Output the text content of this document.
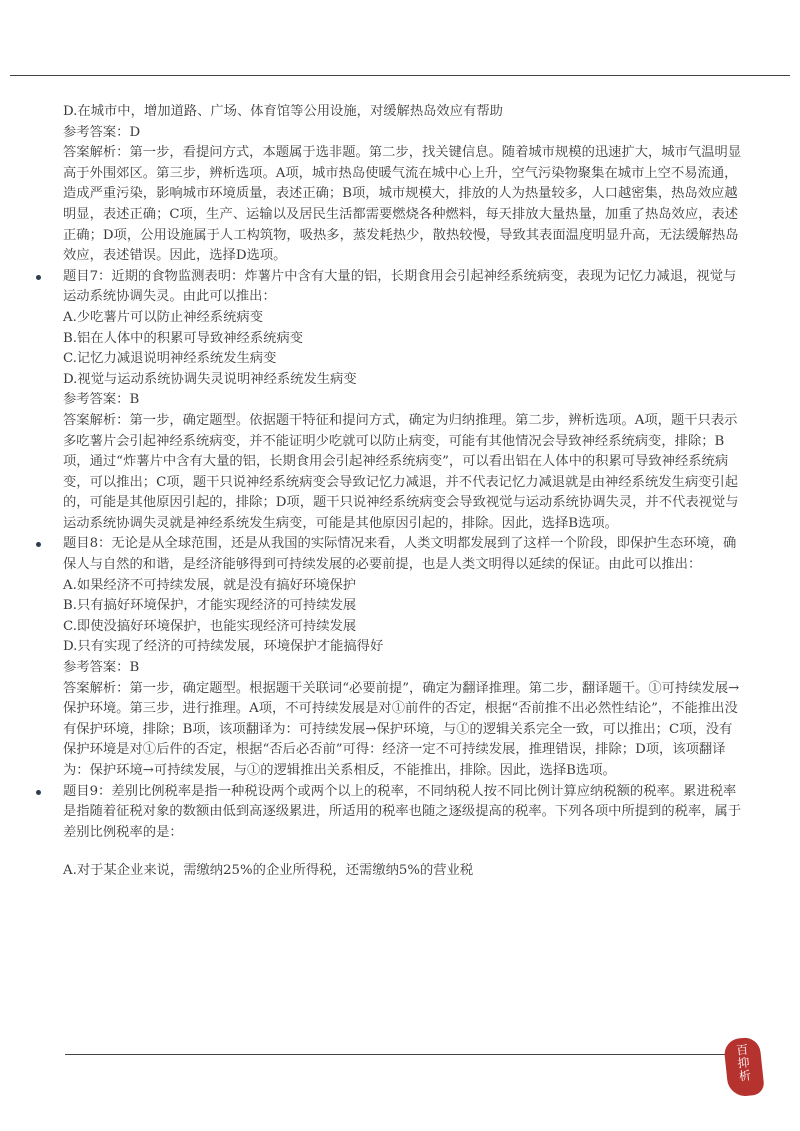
D.在城市中，增加道路、广场、体育馆等公用设施，对缓解热岛效应有帮助
参考答案：D
答案解析：第一步，看提问方式，本题属于选非题。第二步，找关键信息。随着城市规模的迅速扩大，城市气温明显高于外围郊区。第三步，辨析选项。A项，城市热岛使暖气流在城中心上升，空气污染物聚集在城市上空不易流通，造成严重污染，影响城市环境质量，表述正确；B项，城市规模大，排放的人为热量较多，人口越密集，热岛效应越明显，表述正确；C项，生产、运输以及居民生活都需要燃烧各种燃料，每天排放大量热量，加重了热岛效应，表述正确；D项，公用设施属于人工构筑物，吸热多，蒸发耗热少，散热较慢，导致其表面温度明显升高，无法缓解热岛效应，表述错误。因此，选择D选项。
题目7：近期的食物监测表明：炸薯片中含有大量的铝，长期食用会引起神经系统病变，表现为记忆力减退，视觉与运动系统协调失灵。由此可以推出：
A.少吃薯片可以防止神经系统病变
B.铝在人体中的积累可导致神经系统病变
C.记忆力减退说明神经系统发生病变
D.视觉与运动系统协调失灵说明神经系统发生病变
参考答案：B
答案解析：第一步，确定题型。依据题干特征和提问方式，确定为归纳推理。第二步，辨析选项。A项，题干只表示多吃薯片会引起神经系统病变，并不能证明少吃就可以防止病变，可能有其他情况会导致神经系统病变，排除；B项，通过“炸薯片中含有大量的铝，长期食用会引起神经系统病变”，可以看出铝在人体中的积累可导致神经系统病变，可以推出；C项，题干只说神经系统病变会导致记忆力减退，并不代表记忆力减退就是由神经系统发生病变引起的，可能是其他原因引起的，排除；D项，题干只说神经系统病变会导致视觉与运动系统协调失灵，并不代表视觉与运动系统协调失灵就是神经系统发生病变，可能是其他原因引起的，排除。因此，选择B选项。
题目8：无论是从全球范围，还是从我国的实际情况来看，人类文明都发展到了这样一个阶段，即保护生态环境，确保人与自然的和谐，是经济能够得到可持续发展的必要前提，也是人类文明得以延续的保证。由此可以推出：
A.如果经济不可持续发展，就是没有搞好环境保护
B.只有搞好环境保护，才能实现经济的可持续发展
C.即使没搞好环境保护，也能实现经济可持续发展
D.只有实现了经济的可持续发展，环境保护才能搞得好
参考答案：B
答案解析：第一步，确定题型。根据题干关联词“必要前提”，确定为翻译推理。第二步，翻译题干。①可持续发展→保护环境。第三步，进行推理。A项，不可持续发展是对①前件的否定，根据“否前推不出必然性结论”，不能推出没有保护环境，排除；B项，该项翻译为：可持续发展→保护环境，与①的逻辑关系完全一致，可以推出；C项，没有保护环境是对①后件的否定，根据“否后必否前”可得：经济一定不可持续发展，推理错误，排除；D项，该项翻译为：保护环境→可持续发展，与①的逻辑推出关系相反，不能推出，排除。因此，选择B选项。
题目9：差别比例税率是指一种税设两个或两个以上的税率，不同纳税人按不同比例计算应纳税额的税率。累进税率是指随着征税对象的数额由低到高逐级累进，所适用的税率也随之逐级提高的税率。下列各项中所提到的税率，属于差别比例税率的是：
A.对于某企业来说，需缴纳25%的企业所得税，还需缴纳5%的营业税
百
抑
析
